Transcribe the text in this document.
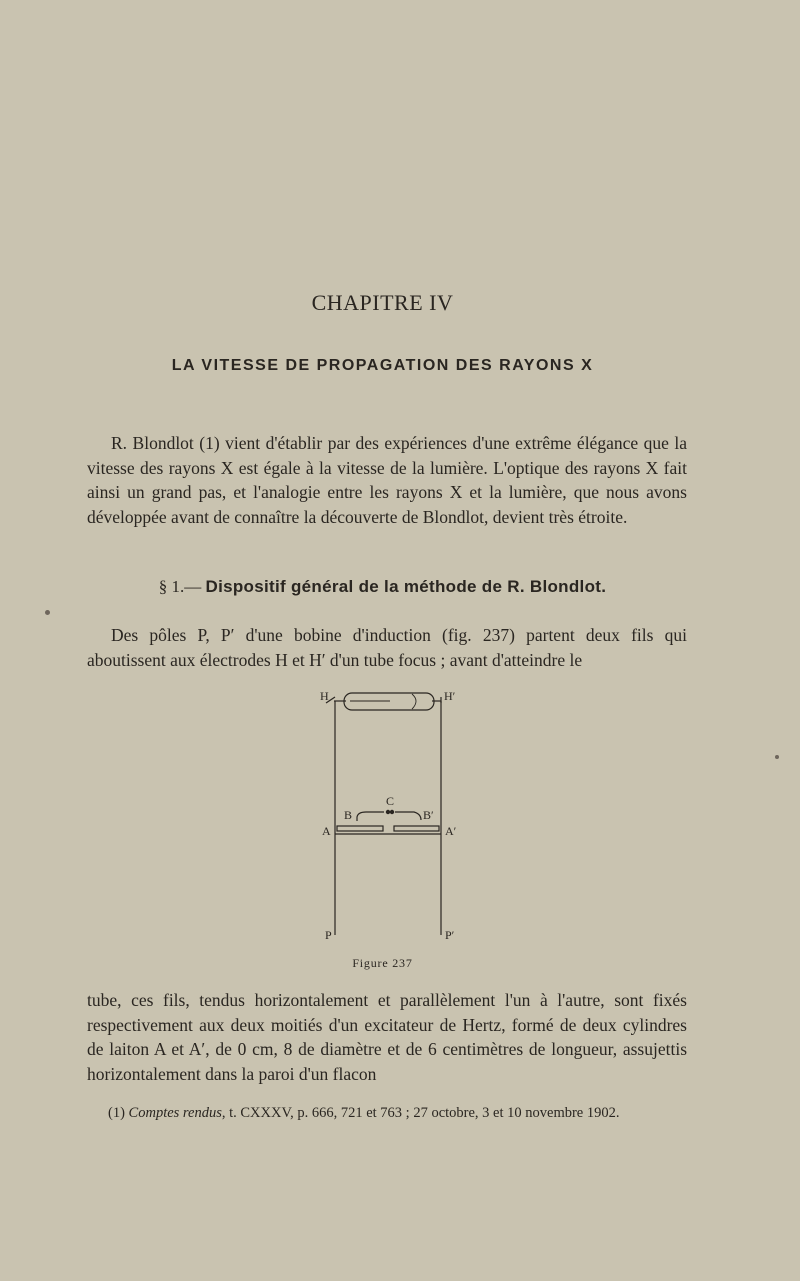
CHAPITRE IV
LA VITESSE DE PROPAGATION DES RAYONS X

R. Blondlot (1) vient d'établir par des expériences d'une extrême élégance que la vitesse des rayons X est égale à la vitesse de la lumière. L'optique des rayons X fait ainsi un grand pas, et l'analogie entre les rayons X et la lumière, que nous avons développée avant de connaître la découverte de Blondlot, devient très étroite.

§ 1.— Dispositif général de la méthode de R. Blondlot.

Des pôles P, P′ d'une bobine d'induction (fig. 237) partent deux fils qui aboutissent aux électrodes H et H′ d'un tube focus ; avant d'atteindre le

H	H′
C
B	B′
A	A′
P	P′
Figure 237

tube, ces fils, tendus horizontalement et parallèlement l'un à l'autre, sont fixés respectivement aux deux moitiés d'un excitateur de Hertz, formé de deux cylindres de laiton A et A′, de 0 cm, 8 de diamètre et de 6 centimètres de longueur, assujettis horizontalement dans la paroi d'un flacon

(1) Comptes rendus, t. CXXXV, p. 666, 721 et 763 ; 27 octobre, 3 et 10 novembre 1902.
